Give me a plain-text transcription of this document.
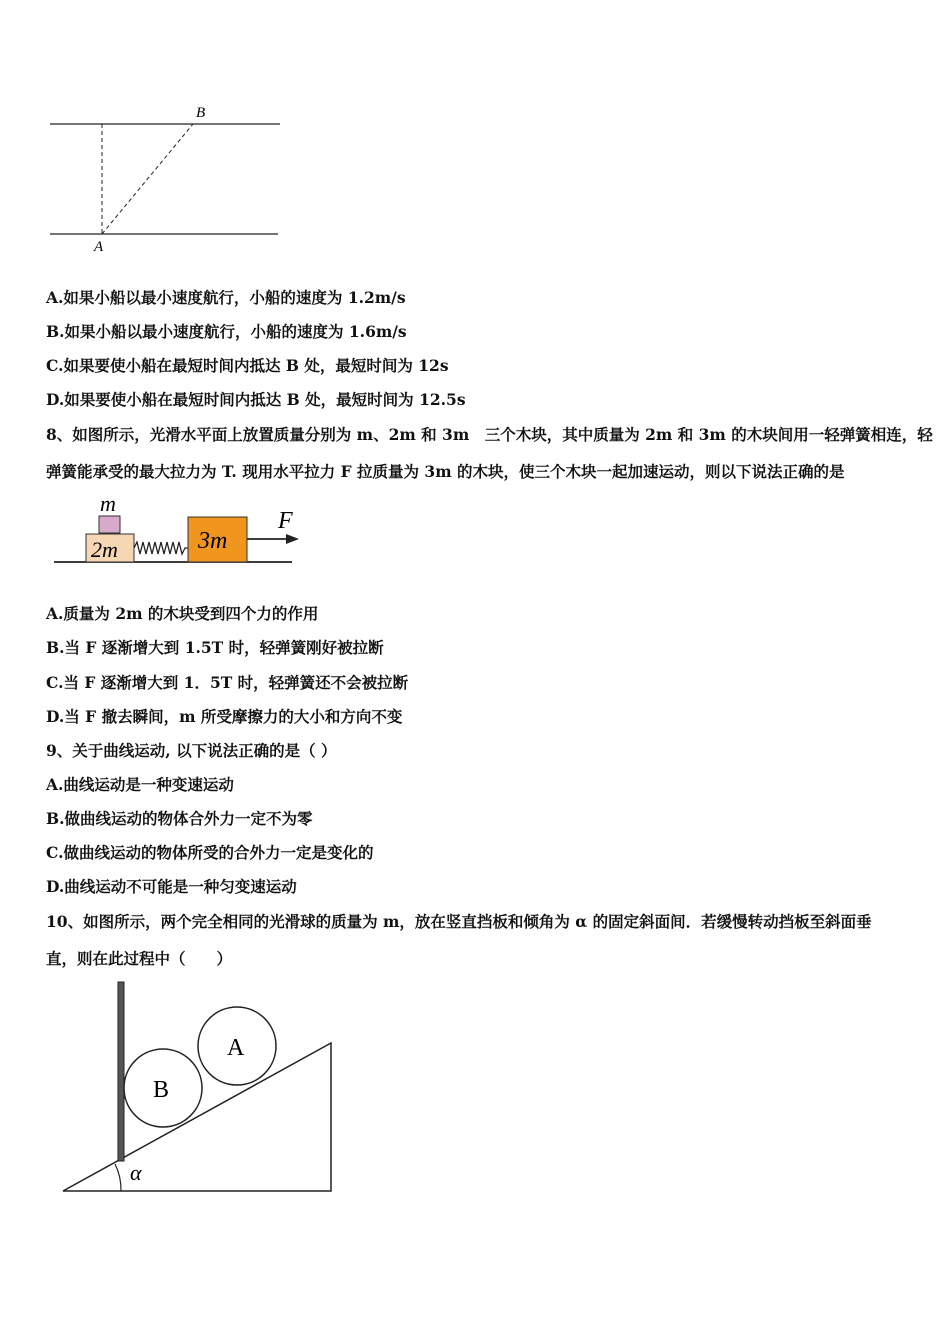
B
A
A.如果小船以最小速度航行，小船的速度为 1.2m/s
B.如果小船以最小速度航行，小船的速度为 1.6m/s
C.如果要使小船在最短时间内抵达 B 处，最短时间为 12s
D.如果要使小船在最短时间内抵达 B 处，最短时间为 12.5s
8、如图所示，光滑水平面上放置质量分别为 m、2m 和 3m　三个木块，其中质量为 2m 和 3m 的木块间用一轻弹簧相连，轻
弹簧能承受的最大拉力为 T. 现用水平拉力 F 拉质量为 3m 的木块，使三个木块一起加速运动，则以下说法正确的是
m
2m	3m
F
A.质量为 2m 的木块受到四个力的作用
B.当 F 逐渐增大到 1.5T 时，轻弹簧刚好被拉断
C.当 F 逐渐增大到 1．5T 时，轻弹簧还不会被拉断
D.当 F 撤去瞬间，m 所受摩擦力的大小和方向不变
9、关于曲线运动, 以下说法正确的是（ ）
A.曲线运动是一种变速运动
B.做曲线运动的物体合外力一定不为零
C.做曲线运动的物体所受的合外力一定是变化的
D.曲线运动不可能是一种匀变速运动
10、如图所示，两个完全相同的光滑球的质量为 m，放在竖直挡板和倾角为 α 的固定斜面间．若缓慢转动挡板至斜面垂
直，则在此过程中（　　）
B
A
α
